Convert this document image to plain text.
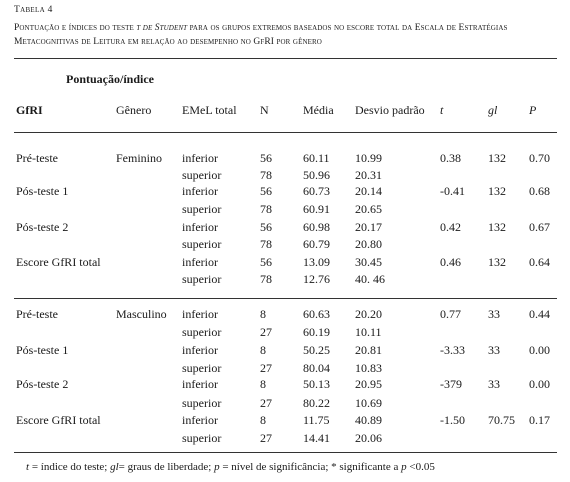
Tabela 4
Pontuação e índices do teste t de Student para os grupos extremos baseados no escore total da Escala de Estratégias
Metacognitivas de Leitura em relação ao desempenho no GfRI por gênero
Pontuação/índice
GfRI	Gênero	EMeL total N	Média Desvio padrão t	gl	P
Pré-teste	Feminino inferior	56	60.11 10.99	0.38 132 0.70
superior	78	50.96 20.31
Pós-teste 1	inferior	56	60.73 20.14	-0.41 132 0.68
superior	78	60.91 20.65
Pós-teste 2	inferior	56	60.98 20.17	0.42 132 0.67
superior	78	60.79 20.80
Escore GfRI total	inferior	56	13.09 30.45	0.46 132 0.64
superior	78	12.76 40. 46
Pré-teste	Masculino inferior	8	60.63 20.20	0.77 33 0.44
superior	27	60.19 10.11
Pós-teste 1	inferior	8	50.25 20.81	-3.33 33 0.00
superior	27	80.04 10.83
Pós-teste 2	inferior	8	50.13 20.95	-379 33 0.00
superior	27	80.22 10.69
Escore GfRI total	inferior	8	11.75 40.89	-1.50 70.75 0.17
superior	27	14.41 20.06
t = índice do teste; gl= graus de liberdade; p = nível de significância; * significante a p <0.05
